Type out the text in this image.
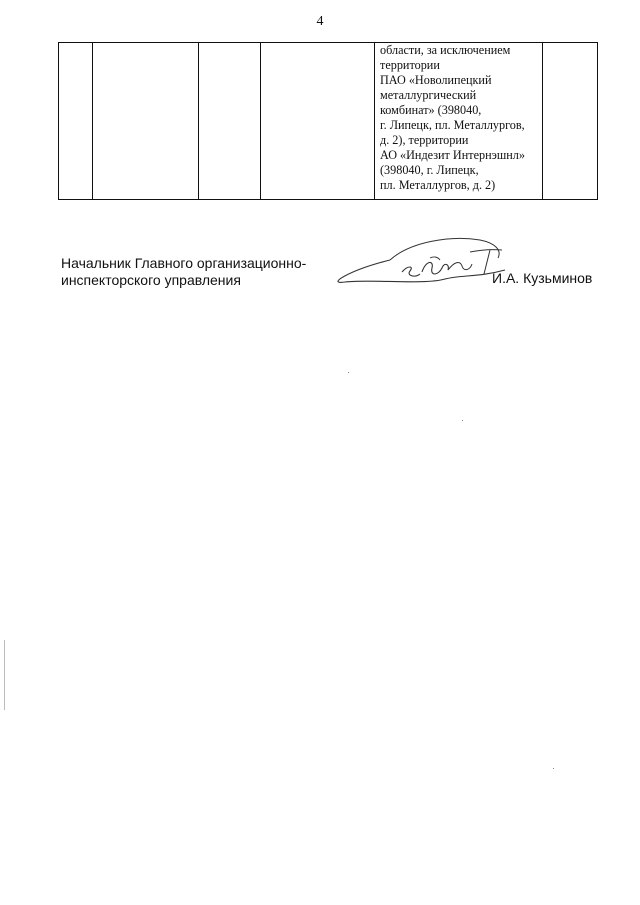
4

области, за исключением
территории
ПАО «Новолипецкий
металлургический
комбинат» (398040,
г. Липецк, пл. Металлургов,
д. 2), территории
АО «Индезит Интернэшнл»
(398040, г. Липецк,
пл. Металлургов, д. 2)

Начальник Главного организационно-
инспекторского управления	И.А. Кузьминов
